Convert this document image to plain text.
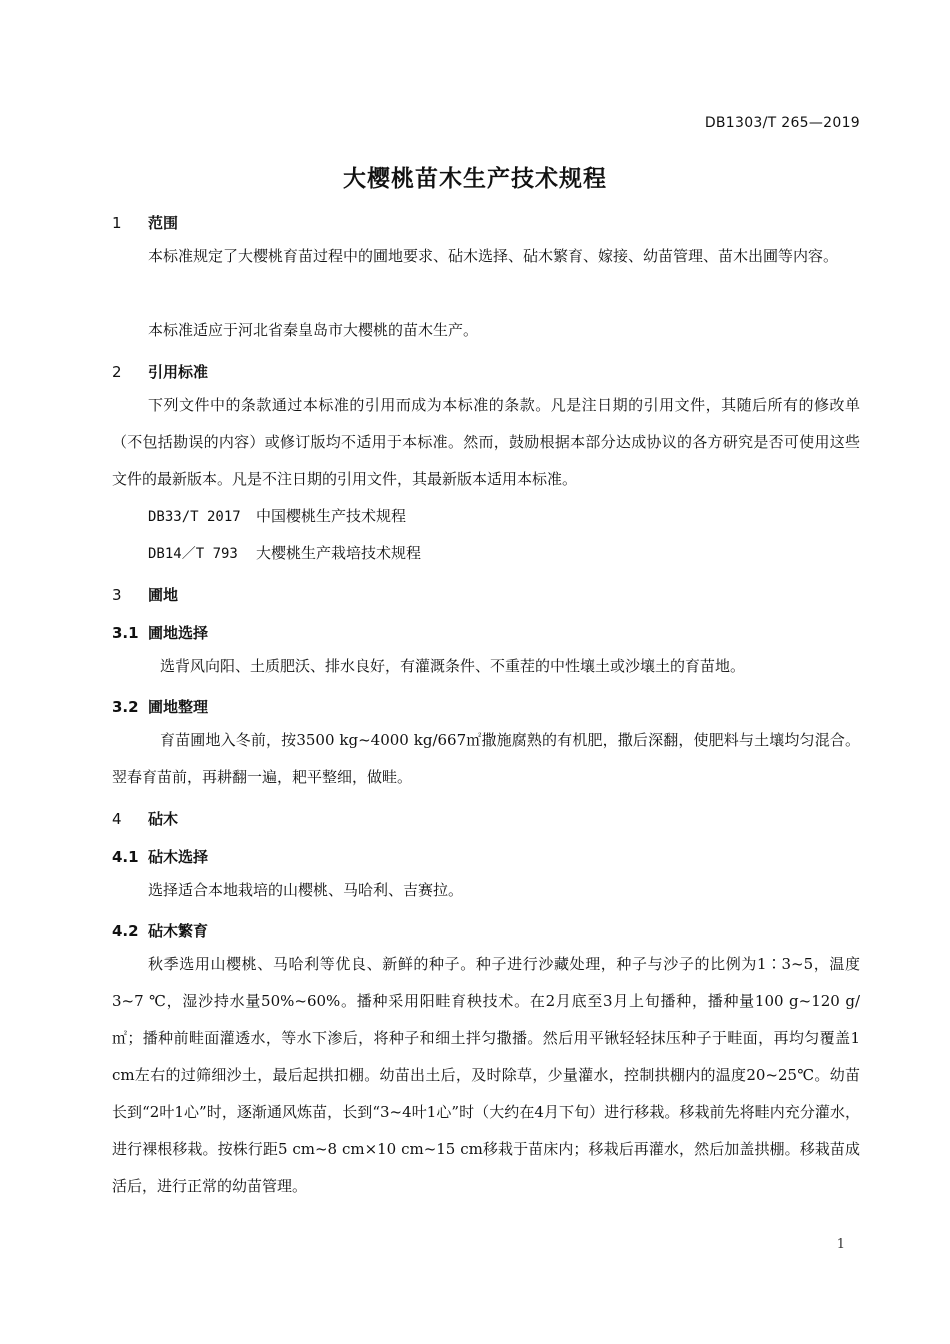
DB1303/T 265—2019
大樱桃苗木生产技术规程
1 范围
本标准规定了大樱桃育苗过程中的圃地要求、砧木选择、砧木繁育、嫁接、幼苗管理、苗木出圃等内容。
本标准适应于河北省秦皇岛市大樱桃的苗木生产。
2 引用标准
下列文件中的条款通过本标准的引用而成为本标准的条款。凡是注日期的引用文件，其随后所有的修改单（不包括勘误的内容）或修订版均不适用于本标准。然而，鼓励根据本部分达成协议的各方研究是否可使用这些文件的最新版本。凡是不注日期的引用文件，其最新版本适用本标准。
DB33/T 2017 中国樱桃生产技术规程
DB14／T 793 大樱桃生产栽培技术规程
3 圃地
3.1 圃地选择
选背风向阳、土质肥沃、排水良好，有灌溉条件、不重茬的中性壤土或沙壤土的育苗地。
3.2 圃地整理
育苗圃地入冬前，按3500 kg~4000 kg/667㎡撒施腐熟的有机肥，撒后深翻，使肥料与土壤均匀混合。翌春育苗前，再耕翻一遍，耙平整细，做畦。
4 砧木
4.1 砧木选择
选择适合本地栽培的山樱桃、马哈利、吉赛拉。
4.2 砧木繁育
秋季选用山樱桃、马哈利等优良、新鲜的种子。种子进行沙藏处理，种子与沙子的比例为1∶3~5，温度3~7 ℃，湿沙持水量50%~60%。播种采用阳畦育秧技术。在2月底至3月上旬播种，播种量100 g~120 g/㎡；播种前畦面灌透水，等水下渗后，将种子和细土拌匀撒播。然后用平锹轻轻抹压种子于畦面，再均匀覆盖1 cm左右的过筛细沙土，最后起拱扣棚。幼苗出土后，及时除草，少量灌水，控制拱棚内的温度20~25℃。幼苗长到“2叶1心”时，逐渐通风炼苗，长到“3~4叶1心”时（大约在4月下旬）进行移栽。移栽前先将畦内充分灌水，进行裸根移栽。按株行距5 cm~8 cm×10 cm~15 cm移栽于苗床内；移栽后再灌水，然后加盖拱棚。移栽苗成活后，进行正常的幼苗管理。
1
